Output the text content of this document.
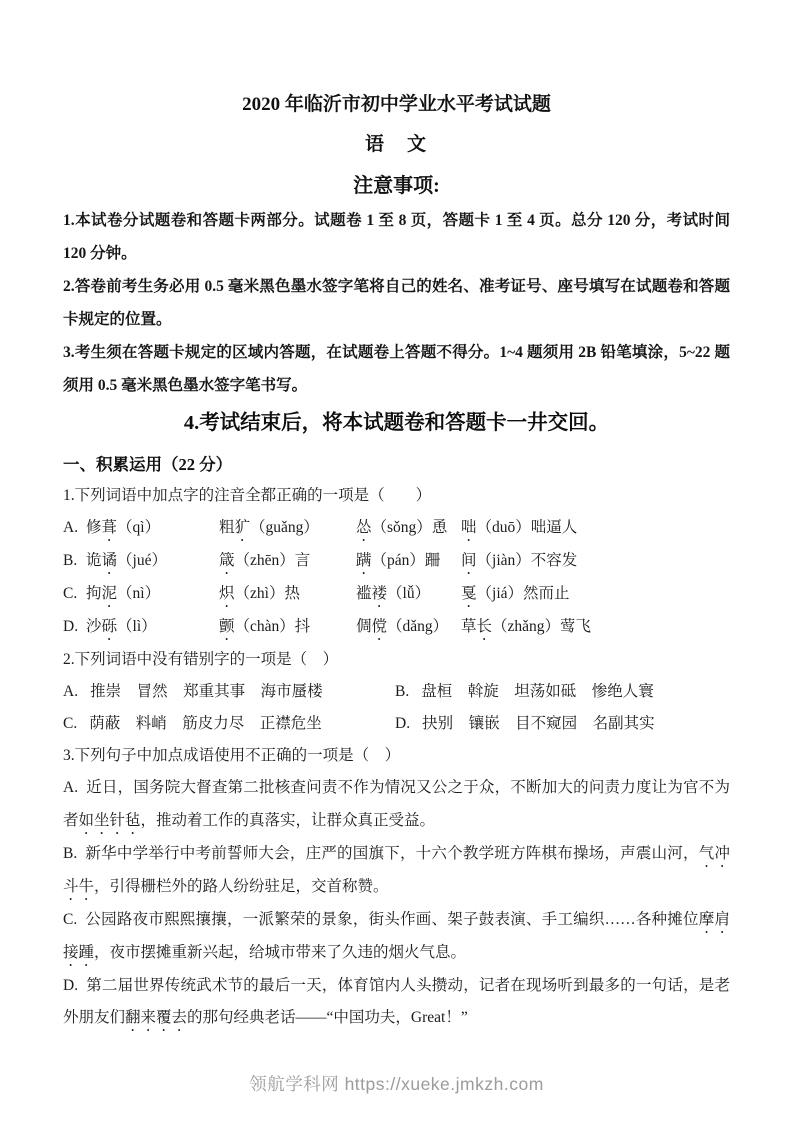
2020 年临沂市初中学业水平考试试题
语　文
注意事项:

1.本试卷分试题卷和答题卡两部分。试题卷 1 至 8 页，答题卡 1 至 4 页。总分 120 分，考试时间 120 分钟。

2.答卷前考生务必用 0.5 毫米黑色墨水签字笔将自己的姓名、准考证号、座号填写在试题卷和答题卡规定的位置。

3.考生须在答题卡规定的区域内答题，在试题卷上答题不得分。1~4 题须用 2B 铅笔填涂，5~22 题须用 0.5 毫米黑色墨水签字笔书写。

4.考试结束后，将本试题卷和答题卡一井交回。

一、积累运用（22 分）

1.下列词语中加点字的注音全都正确的一项是（　　）

A. 修葺（qì）	粗犷（guǎng）	怂（sǒng）恿 咄（duō）咄逼人
B. 诡谲（jué）	箴（zhēn）言	蹒（pán）跚	间（jiàn）不容发
C. 拘泥（nì）	炽（zhì）热	褴褛（lǚ）	戛（jiá）然而止
D. 沙砾（lì）	颤（chàn）抖	倜傥（dǎng） 草长（zhǎng）莺飞

2.下列词语中没有错别字的一项是（　）

A. 推崇　冒然　郑重其事　海市蜃楼	B. 盘桓　斡旋　坦荡如砥　惨绝人寰
C. 荫蔽　料峭　筋皮力尽　正襟危坐	D. 抉别　镶嵌　目不窥园　名副其实

3.下列句子中加点成语使用不正确的一项是（　）

A.  近日，国务院大督查第二批核查问责不作为情况又公之于众，不断加大的问责力度让为官不为者如坐针毡，推动着工作的真落实，让群众真正受益。

B.  新华中学举行中考前誓师大会，庄严的国旗下，十六个教学班方阵棋布操场，声震山河，气冲斗牛，引得栅栏外的路人纷纷驻足，交首称赞。

C.  公园路夜市熙熙攘攘，一派繁荣的景象，街头作画、架子鼓表演、手工编织……各种摊位摩肩接踵，夜市摆摊重新兴起，给城市带来了久违的烟火气息。

D.  第二届世界传统武术节的最后一天，体育馆内人头攒动，记者在现场听到最多的一句话，是老外朋友们翻来覆去的那句经典老话——“中国功夫，Great！”

领航学科网 https://xueke.jmkzh.com
